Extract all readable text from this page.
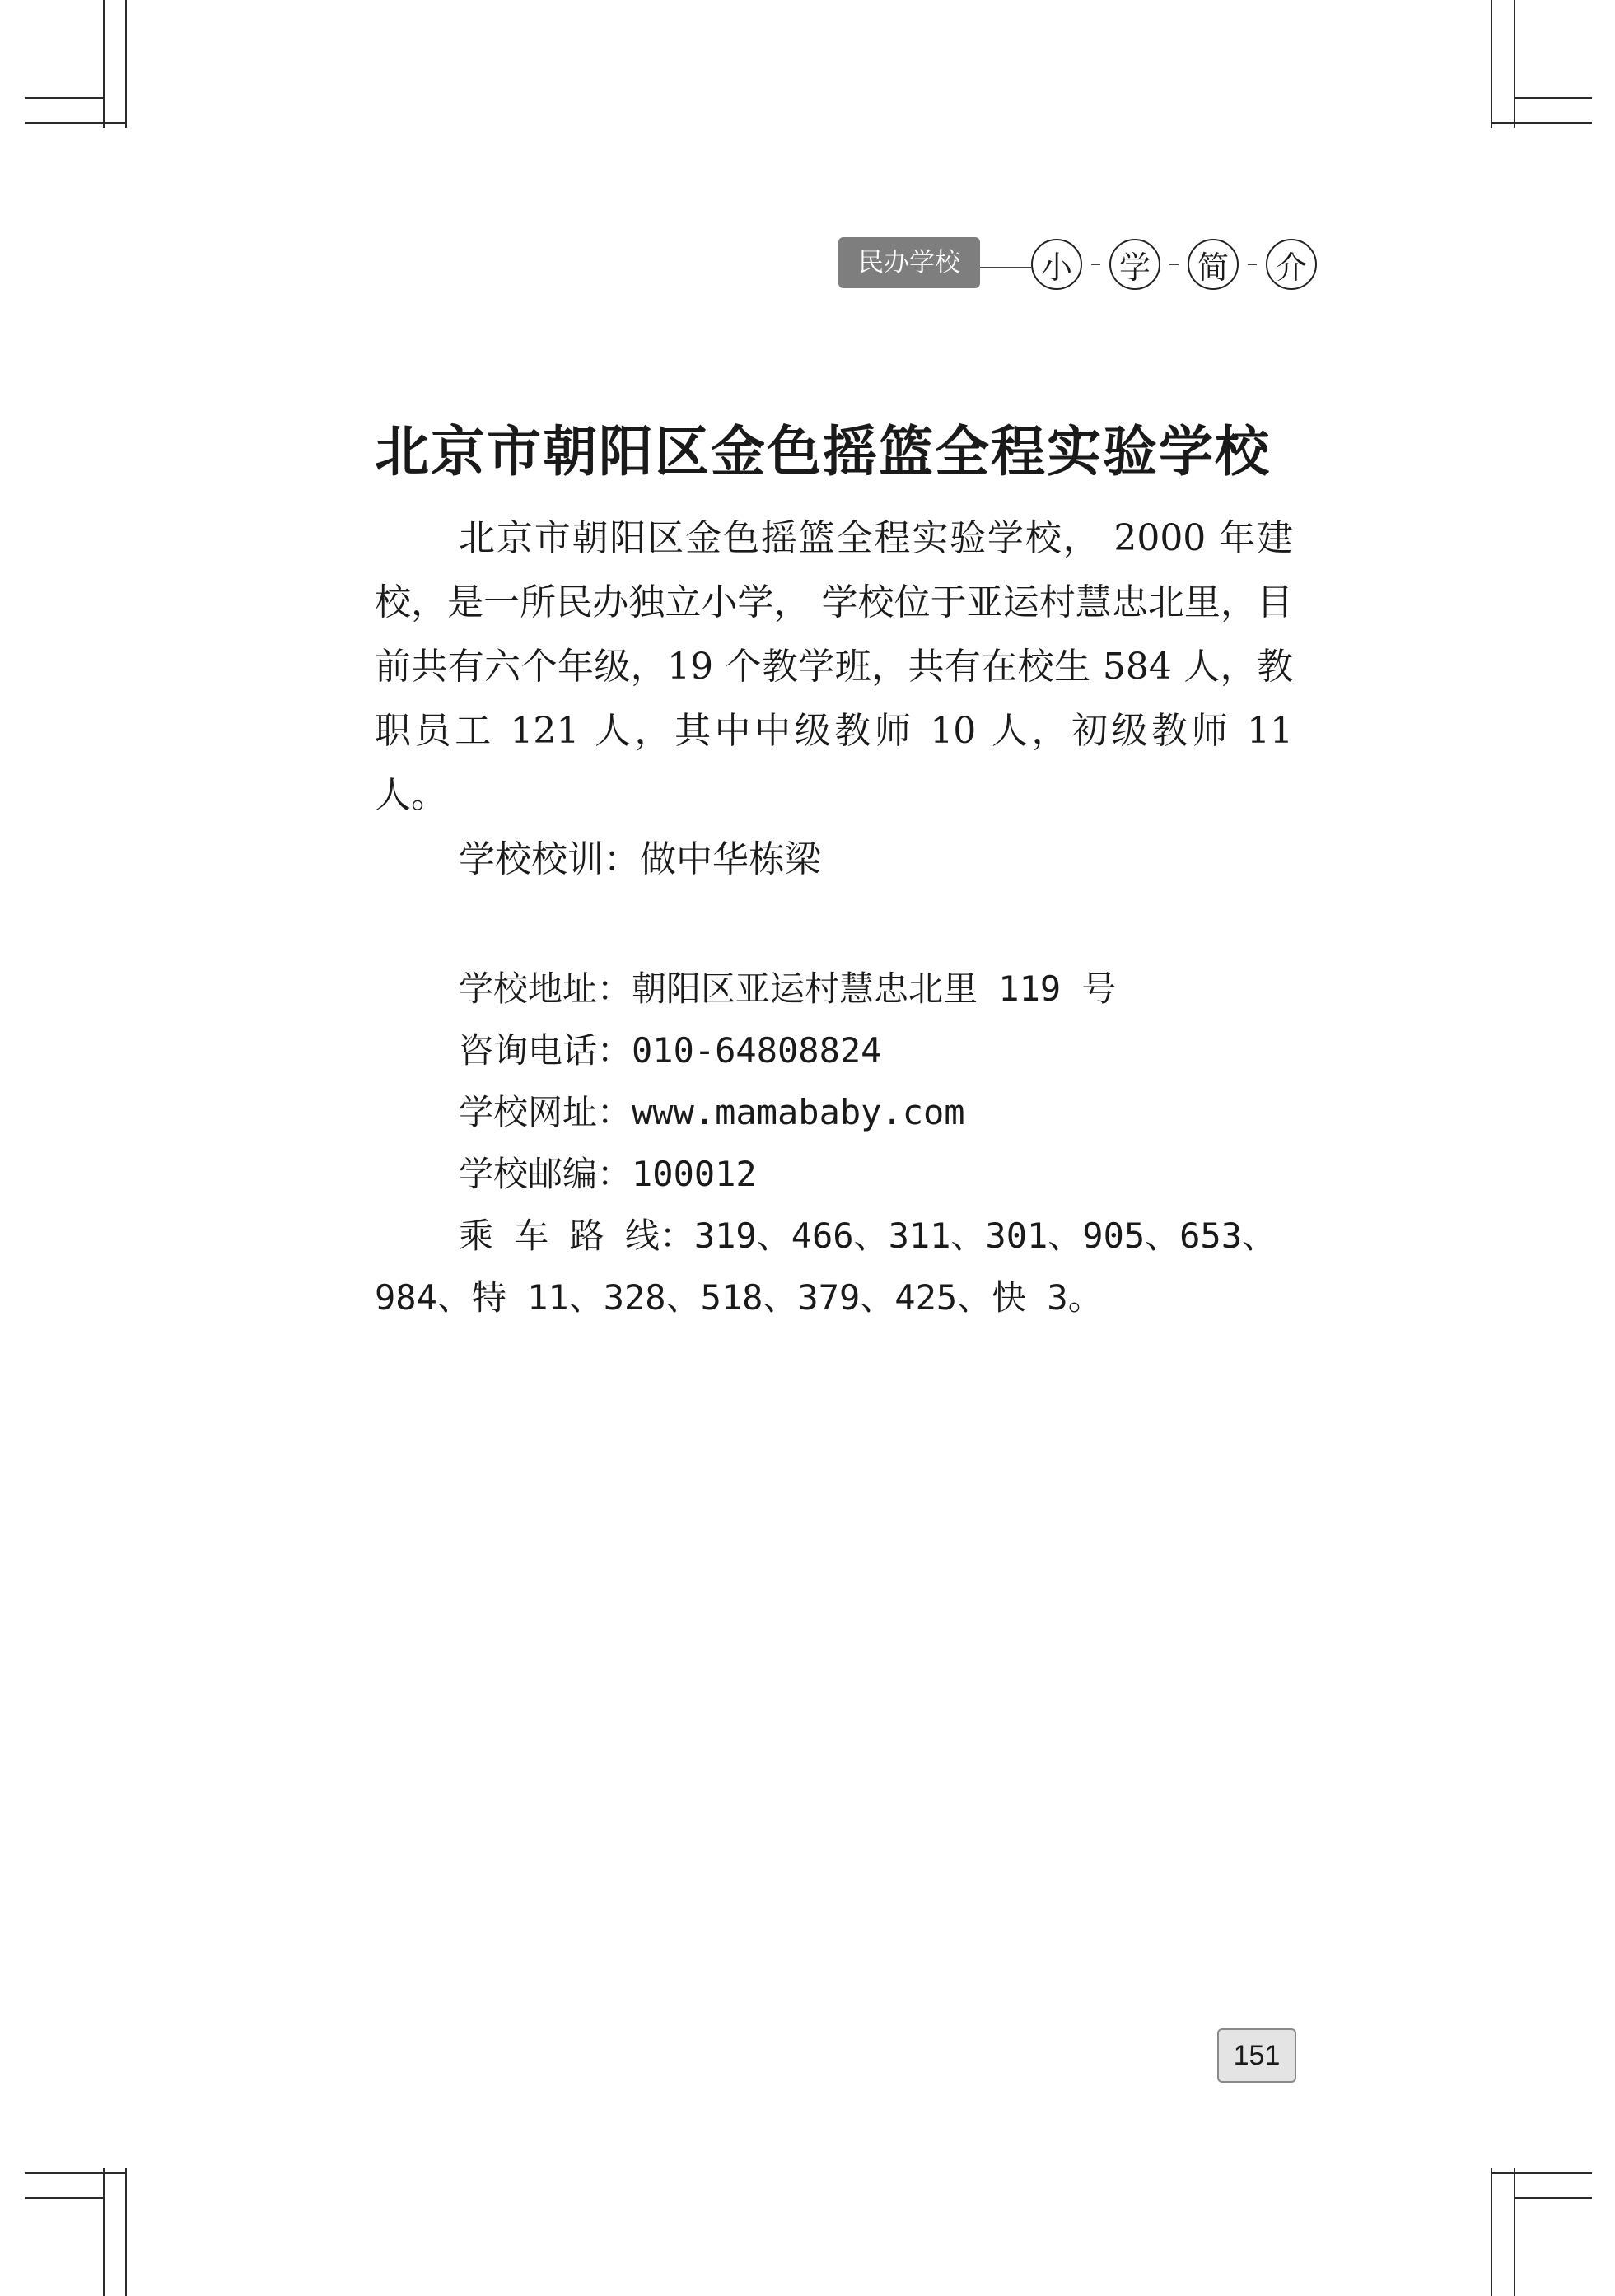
民办学校	小	学	简	介
北京市朝阳区金色摇篮全程实验学校

北京市朝阳区金色摇篮全程实验学校， 2000 年建校，是一所民办独立小学， 学校位于亚运村慧忠北里，目前共有六个年级，19 个教学班，共有在校生 584 人，教职员工 121 人，其中中级教师 10 人，初级教师 11 人。

学校校训：做中华栋梁

学校地址：朝阳区亚运村慧忠北里 119 号

咨询电话：010-64808824

学校网址：www.mamababy.com

学校邮编：100012

乘 车 路 线：319、466、311、301、905、653、984、特 11、328、518、379、425、快 3。

151
